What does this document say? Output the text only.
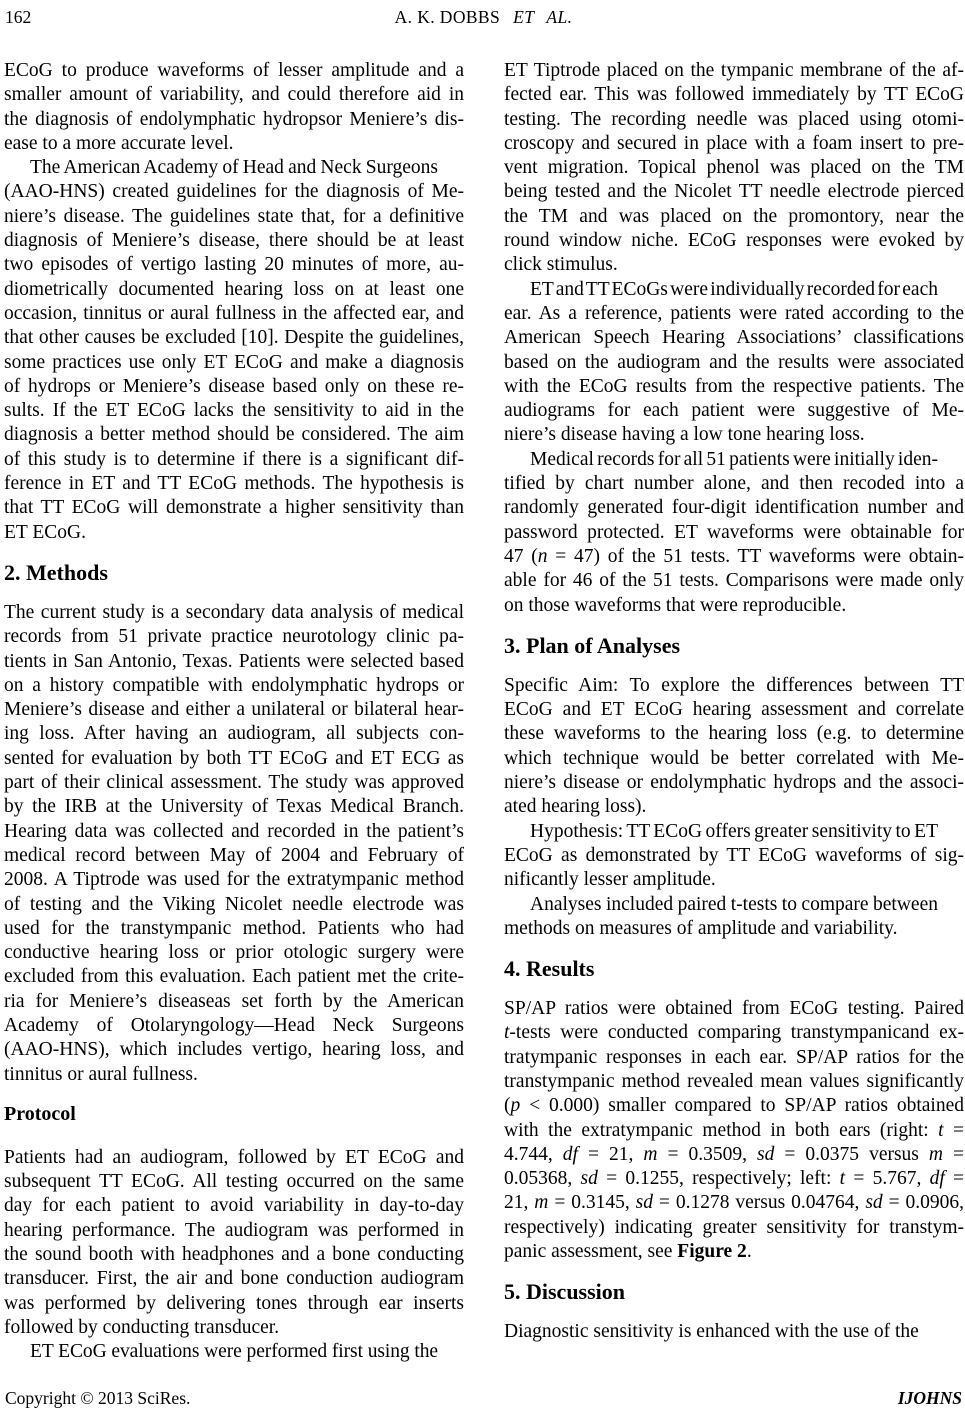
162	A. K. DOBBS ET AL.
ECoG to produce waveforms of lesser amplitude and a
smaller amount of variability, and could therefore aid in
the diagnosis of endolymphatic hydropsor Meniere’s dis-
ease to a more accurate level.
The American Academy of Head and Neck Surgeons
(AAO-HNS) created guidelines for the diagnosis of Me-
niere’s disease. The guidelines state that, for a definitive
diagnosis of Meniere’s disease, there should be at least
two episodes of vertigo lasting 20 minutes of more, au-
diometrically documented hearing loss on at least one
occasion, tinnitus or aural fullness in the affected ear, and
that other causes be excluded [10]. Despite the guidelines,
some practices use only ET ECoG and make a diagnosis
of hydrops or Meniere’s disease based only on these re-
sults. If the ET ECoG lacks the sensitivity to aid in the
diagnosis a better method should be considered. The aim
of this study is to determine if there is a significant dif-
ference in ET and TT ECoG methods. The hypothesis is
that TT ECoG will demonstrate a higher sensitivity than
ET ECoG.
2. Methods
The current study is a secondary data analysis of medical
records from 51 private practice neurotology clinic pa-
tients in San Antonio, Texas. Patients were selected based
on a history compatible with endolymphatic hydrops or
Meniere’s disease and either a unilateral or bilateral hear-
ing loss. After having an audiogram, all subjects con-
sented for evaluation by both TT ECoG and ET ECG as
part of their clinical assessment. The study was approved
by the IRB at the University of Texas Medical Branch.
Hearing data was collected and recorded in the patient’s
medical record between May of 2004 and February of
2008. A Tiptrode was used for the extratympanic method
of testing and the Viking Nicolet needle electrode was
used for the transtympanic method. Patients who had
conductive hearing loss or prior otologic surgery were
excluded from this evaluation. Each patient met the crite-
ria for Meniere’s diseaseas set forth by the American
Academy of Otolaryngology—Head Neck Surgeons
(AAO-HNS), which includes vertigo, hearing loss, and
tinnitus or aural fullness.
Protocol
Patients had an audiogram, followed by ET ECoG and
subsequent TT ECoG. All testing occurred on the same
day for each patient to avoid variability in day-to-day
hearing performance. The audiogram was performed in
the sound booth with headphones and a bone conducting
transducer. First, the air and bone conduction audiogram
was performed by delivering tones through ear inserts
followed by conducting transducer.
ET ECoG evaluations were performed first using the
ET Tiptrode placed on the tympanic membrane of the af-
fected ear. This was followed immediately by TT ECoG
testing. The recording needle was placed using otomi-
croscopy and secured in place with a foam insert to pre-
vent migration. Topical phenol was placed on the TM
being tested and the Nicolet TT needle electrode pierced
the TM and was placed on the promontory, near the
round window niche. ECoG responses were evoked by
click stimulus.
ET and TT ECoGs were individually recorded for each
ear. As a reference, patients were rated according to the
American Speech Hearing Associations’ classifications
based on the audiogram and the results were associated
with the ECoG results from the respective patients. The
audiograms for each patient were suggestive of Me-
niere’s disease having a low tone hearing loss.
Medical records for all 51 patients were initially iden-
tified by chart number alone, and then recoded into a
randomly generated four-digit identification number and
password protected. ET waveforms were obtainable for
47 (n = 47) of the 51 tests. TT waveforms were obtain-
able for 46 of the 51 tests. Comparisons were made only
on those waveforms that were reproducible.
3. Plan of Analyses
Specific Aim: To explore the differences between TT
ECoG and ET ECoG hearing assessment and correlate
these waveforms to the hearing loss (e.g. to determine
which technique would be better correlated with Me-
niere’s disease or endolymphatic hydrops and the associ-
ated hearing loss).
Hypothesis: TT ECoG offers greater sensitivity to ET
ECoG as demonstrated by TT ECoG waveforms of sig-
nificantly lesser amplitude.
Analyses included paired t-tests to compare between
methods on measures of amplitude and variability.
4. Results
SP/AP ratios were obtained from ECoG testing. Paired
t-tests were conducted comparing transtympanicand ex-
tratympanic responses in each ear. SP/AP ratios for the
transtympanic method revealed mean values significantly
(p < 0.000) smaller compared to SP/AP ratios obtained
with the extratympanic method in both ears (right: t =
4.744, df = 21, m = 0.3509, sd = 0.0375 versus m =
0.05368, sd = 0.1255, respectively; left: t = 5.767, df =
21, m = 0.3145, sd = 0.1278 versus 0.04764, sd = 0.0906,
respectively) indicating greater sensitivity for transtym-
panic assessment, see Figure 2.
5. Discussion
Diagnostic sensitivity is enhanced with the use of the
Copyright © 2013 SciRes.	IJOHNS
